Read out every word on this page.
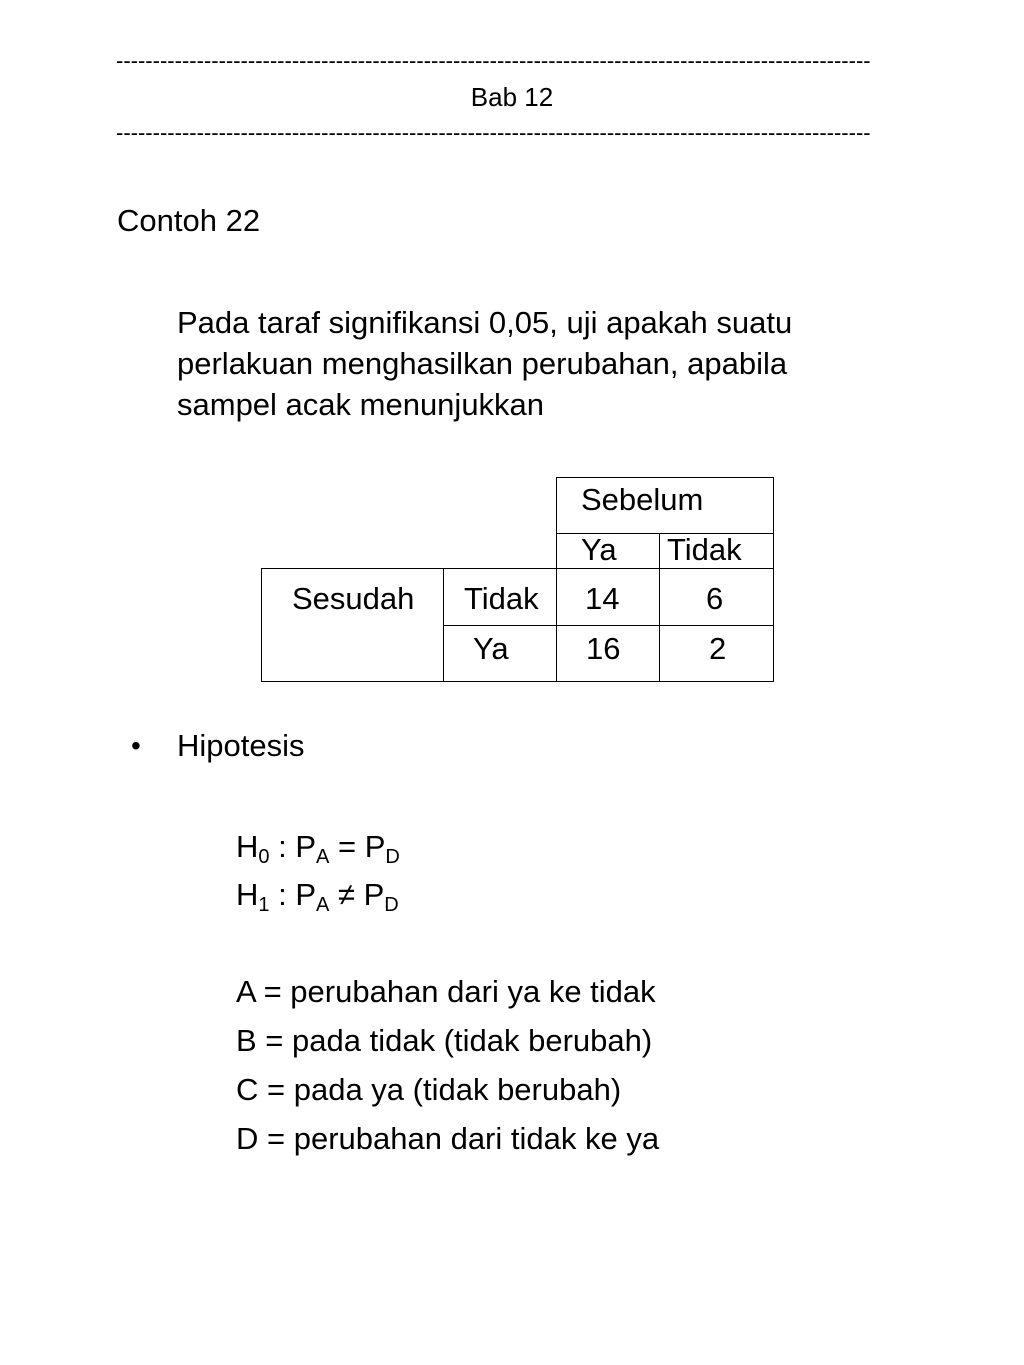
-------------------------------------------------------------------------------------------------------
Bab 12
-------------------------------------------------------------------------------------------------------
Contoh 22
Pada taraf signifikansi 0,05, uji apakah suatu
perlakuan menghasilkan perubahan, apabila
sampel acak menunjukkan
Sebelum
Ya Tidak
Sesudah Tidak 14	6
Ya 16	2
• Hipotesis
$H_0$ : $P_A = P_D$
$H_1$ : $P_A \ne P_D$
A = perubahan dari ya ke tidak
B = pada tidak (tidak berubah)
C = pada ya (tidak berubah)
D = perubahan dari tidak ke ya
